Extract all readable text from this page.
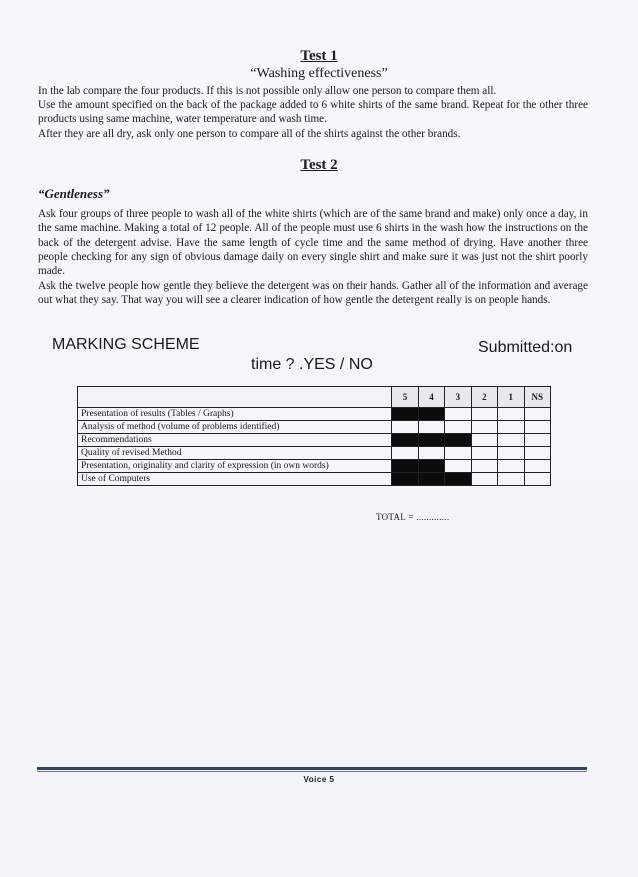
Test 1

“Washing effectiveness”

In the lab compare the four products. If this is not possible only allow one person to compare them all.

Use the amount specified on the back of the package added to 6 white shirts of the same brand. Repeat for the other three products using same machine, water temperature and wash time.

After they are all dry, ask only one person to compare all of the shirts against the other brands.

Test 2

“Gentleness”

Ask four groups of three people to wash all of the white shirts (which are of the same brand and make) only once a day, in the same machine. Making a total of 12 people. All of the people must use 6 shirts in the wash how the instructions on the back of the detergent advise. Have the same length of cycle time and the same method of drying. Have another three people checking for any sign of obvious damage daily on every single shirt and make sure it was just not the shirt poorly made.

Ask the twelve people how gentle they believe the detergent was on their hands. Gather all of the information and average out what they say. That way you will see a clearer indication of how gentle the detergent really is on people hands.

MARKING SCHEME	Submitted:on

time ? .YES / NO

	5	4	3	2	1	NS
Presentation of results (Tables / Graphs)						
Analysis of method (volume of problems identified)						
Recommendations						
Quality of revised Method						
Presentation, originality and clarity of expression (in own words)						
Use of Computers						
TOTAL = .............
Voice 5
